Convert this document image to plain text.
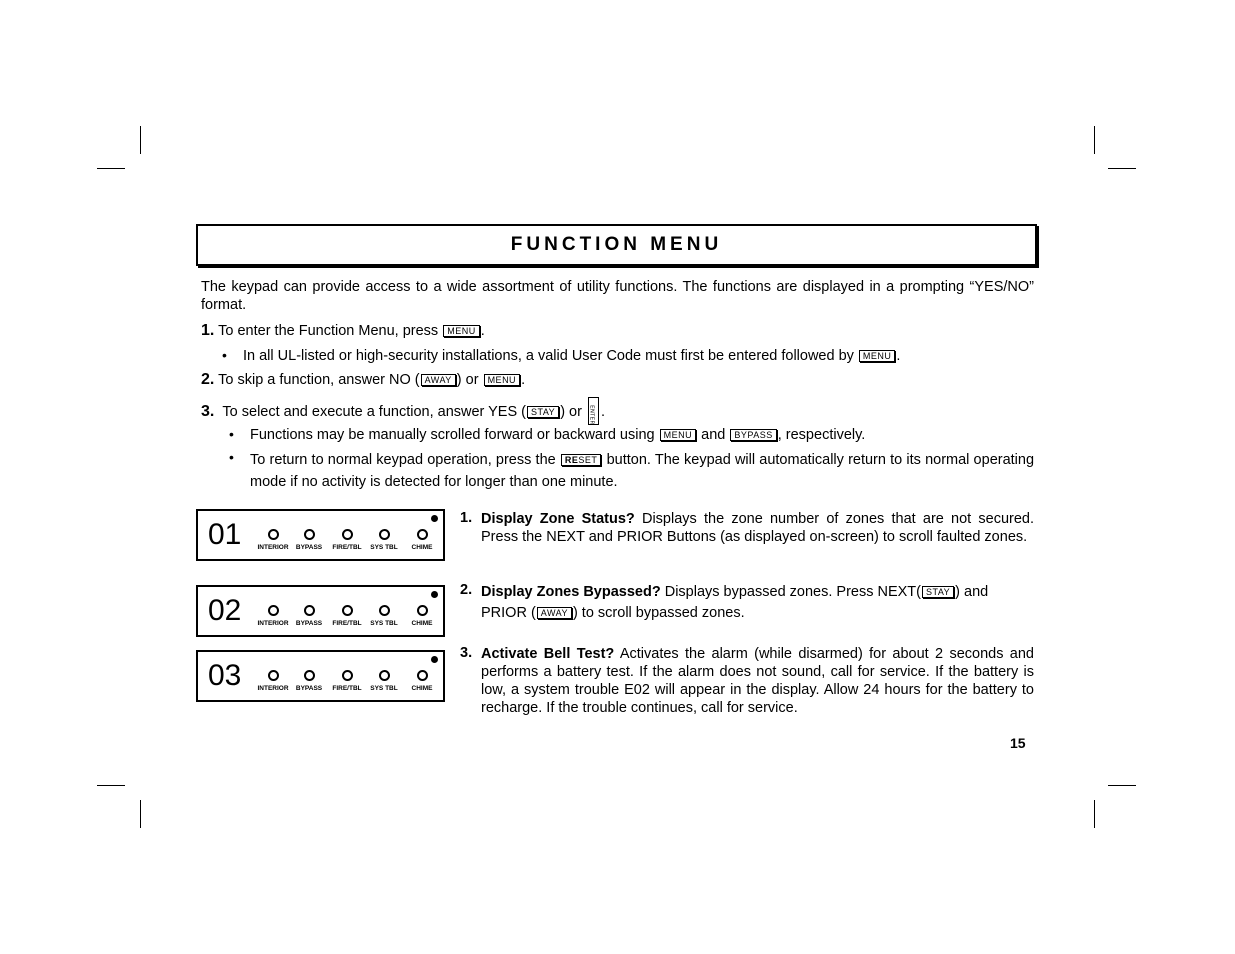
FUNCTION MENU
The keypad can provide access to a wide assortment of utility functions. The functions are displayed in a prompting “YES/NO” format.
1. To enter the Function Menu, press MENU .
• In all UL-listed or high-security installations, a valid User Code must first be entered followed by MENU .
2. To skip a function, answer NO ( AWAY ) or MENU .
3. To select and execute a function, answer YES ( STAY ) or	ENTER .
• Functions may be manually scrolled forward or backward using MENU and BYPASS , respectively.
• To return to normal keypad operation, press the RESET button. The keypad will automatically return to its normal operating mode if no activity is detected for longer than one minute.
01	INTERIOR	BYPASS	FIRE/TBL	SYS TBL	CHIME
02	INTERIOR	BYPASS	FIRE/TBL	SYS TBL	CHIME
03	INTERIOR	BYPASS	FIRE/TBL	SYS TBL	CHIME
1. Display Zone Status? Displays the zone number of zones that are not secured. Press the NEXT and PRIOR Buttons (as displayed on-screen) to scroll faulted zones.
2. Display Zones Bypassed? Displays bypassed zones. Press NEXT( STAY ) and
PRIOR ( AWAY ) to scroll bypassed zones.
3. Activate Bell Test? Activates the alarm (while disarmed) for about 2 seconds and performs a battery test. If the alarm does not sound, call for service. If the battery is low, a system trouble E02 will appear in the display. Allow 24 hours for the battery to recharge. If the trouble continues, call for service.
15
